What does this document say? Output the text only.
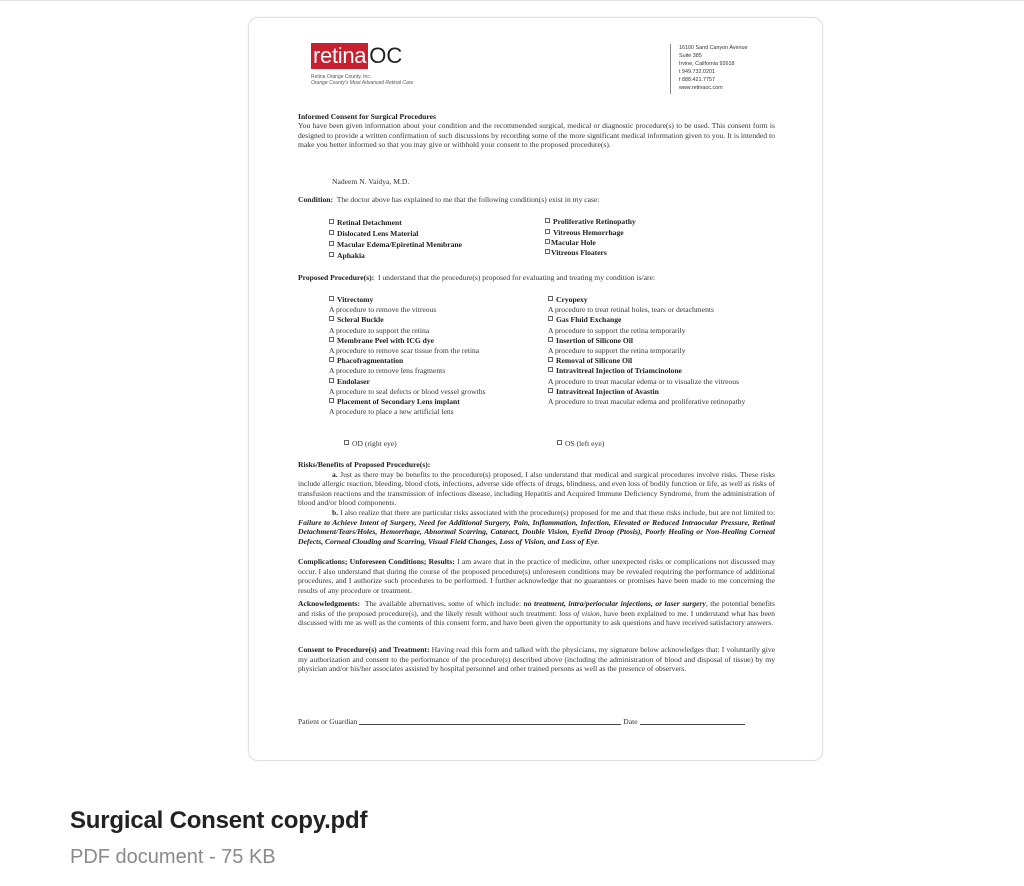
retina OC
Retina Orange County, Inc.
Orange County's Most Advanced Retinal Care
16100 Sand Canyon Avenue
Suite 385
Irvine, California 92618
t 949.732.0201
f 888.421.7757
www.retinaoc.com
Informed Consent for Surgical Procedures
You have been given information about your condition and the recommended surgical, medical or diagnostic procedure(s) to be used. This consent form is designed to provide a written confirmation of such discussions by recording some of the more significant medical information given to you. It is intended to make you better informed so that you may give or withhold your consent to the proposed procedure(s).
Nadeem N. Vaidya, M.D.
Condition: The doctor above has explained to me that the following condition(s) exist in my case:
Retinal Detachment
Dislocated Lens Material
Macular Edema/Epiretinal Membrane
Aphakia
Proliferative Retinopathy
Vitreous Hemorrhage
Macular Hole
Vitreous Floaters
Proposed Procedure(s): I understand that the procedure(s) proposed for evaluating and treating my condition is/are:
Vitrectomy
A procedure to remove the vitreous
Scleral Buckle
A procedure to support the retina
Membrane Peel with ICG dye
A procedure to remove scar tissue from the retina
Phacofragmentation
A procedure to remove lens fragments
Endolaser
A procedure to seal defects or blood vessel growths
Placement of Secondary Lens implant
A procedure to place a new artificial lens
Cryopexy
A procedure to treat retinal holes, tears or detachments
Gas Fluid Exchange
A procedure to support the retina temporarily
Insertion of Silicone Oil
A procedure to support the retina temporarily
Removal of Silicone Oil
Intravitreal Injection of Triamcinolone
A procedure to treat macular edema or to visualize the vitreous
Intravitreal Injection of Avastin
A procedure to treat macular edema and proliferative retinopathy
OD (right eye)	OS (left eye)
Risks/Benefits of Proposed Procedure(s):
a. Just as there may be benefits to the procedure(s) proposed, I also understand that medical and surgical procedures involve risks. These risks include allergic reaction, bleeding, blood clots, infections, adverse side effects of drugs, blindness, and even loss of bodily function or life, as well as risks of transfusion reactions and the transmission of infectious disease, including Hepatitis and Acquired Immune Deficiency Syndrome, from the administration of blood and/or blood components.
b. I also realize that there are particular risks associated with the procedure(s) proposed for me and that these risks include, but are not limited to: Failure to Achieve Intent of Surgery, Need for Additional Surgery, Pain, Inflammation, Infection, Elevated or Reduced Intraocular Pressure, Retinal Detachment/Tears/Holes, Hemorrhage, Abnormal Scarring, Cataract, Double Vision, Eyelid Droop (Ptosis), Poorly Healing or Non-Healing Corneal Defects, Corneal Clouding and Scarring, Visual Field Changes, Loss of Vision, and Loss of Eye.
Complications; Unforeseen Conditions; Results: I am aware that in the practice of medicine, other unexpected risks or complications not discussed may occur. I also understand that during the course of the proposed procedure(s) unforeseen conditions may be revealed requiring the performance of additional procedures, and I authorize such procedures to be performed. I further acknowledge that no guarantees or promises have been made to me concerning the results of any procedure or treatment.
Acknowledgments: The available alternatives, some of which include: no treatment, intra/periocular injections, or laser surgery, the potential benefits and risks of the proposed procedure(s), and the likely result without such treatment: loss of vision, have been explained to me. I understand what has been discussed with me as well as the contents of this consent form, and have been given the opportunity to ask questions and have received satisfactory answers.
Consent to Procedure(s) and Treatment: Having read this form and talked with the physicians, my signature below acknowledges that: I voluntarily give my authorization and consent to the performance of the procedure(s) described above (including the administration of blood and disposal of tissue) by my physician and/or his/her associates assisted by hospital personnel and other trained persons as well as the presence of observers.
Patient or Guardian	Date
Surgical Consent copy.pdf
PDF document - 75 KB
